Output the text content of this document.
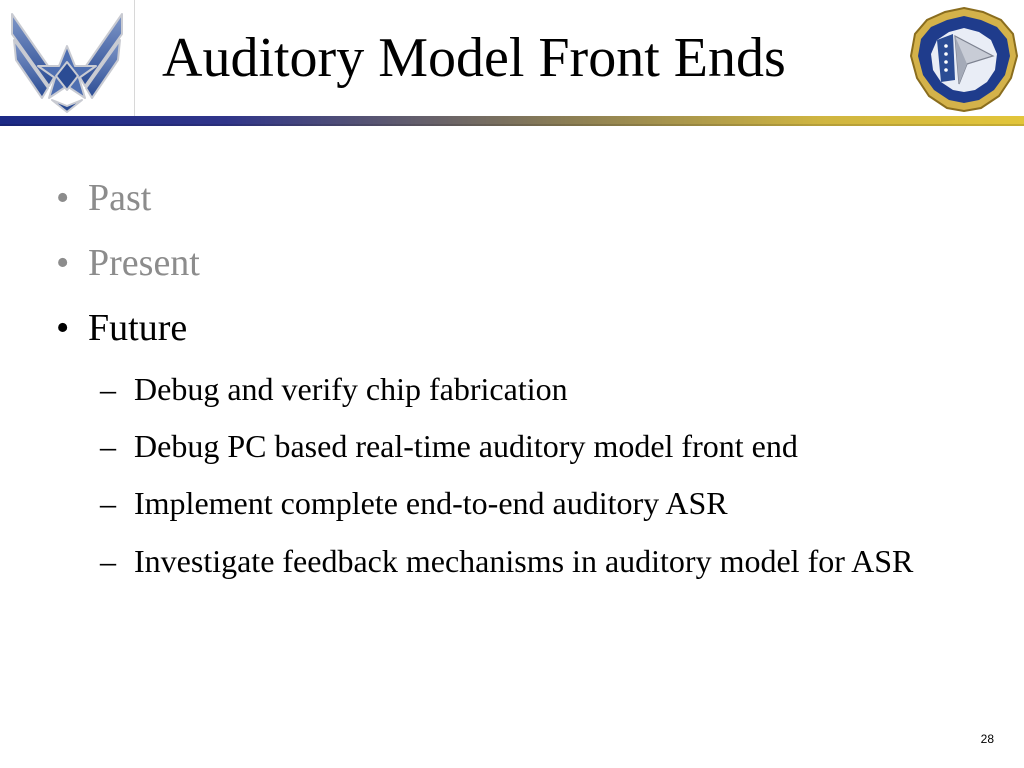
Auditory Model Front Ends
• Past
• Present
• Future
– Debug and verify chip fabrication
– Debug PC based real-time auditory model front end
– Implement complete end-to-end auditory ASR
– Investigate feedback mechanisms in auditory model for ASR
28
